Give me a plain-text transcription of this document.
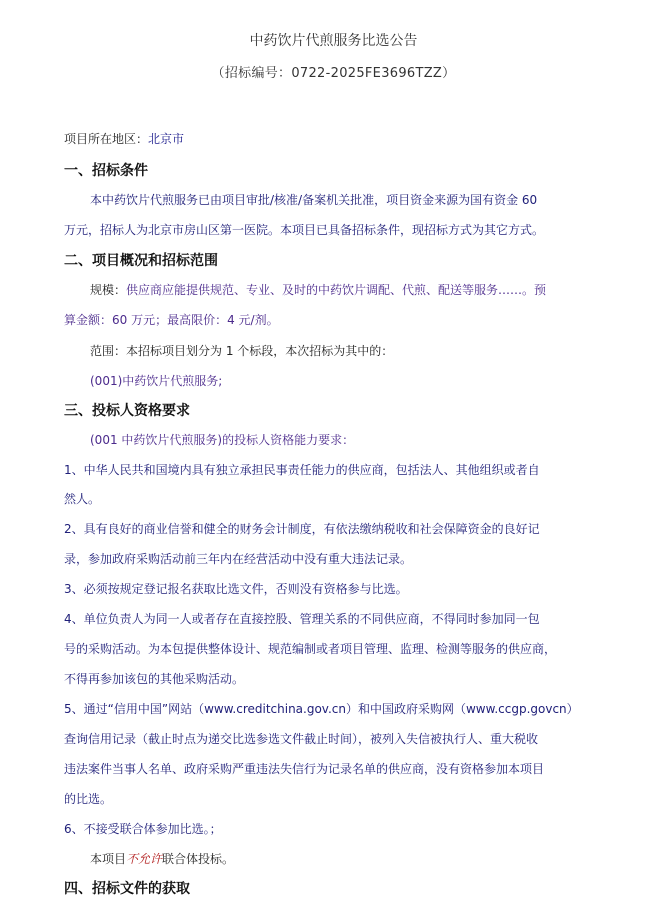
中药饮片代煎服务比选公告
（招标编号：0722-2025FE3696TZZ）
项目所在地区：北京市
一、招标条件
本中药饮片代煎服务已由项目审批/核准/备案机关批准，项目资金来源为国有资金 60
万元，招标人为北京市房山区第一医院。本项目已具备招标条件，现招标方式为其它方式。
二、项目概况和招标范围
规模：供应商应能提供规范、专业、及时的中药饮片调配、代煎、配送等服务……。预
算金额：60 万元；最高限价：4 元/剂。
范围：本招标项目划分为 1 个标段，本次招标为其中的：
(001)中药饮片代煎服务;
三、投标人资格要求
(001 中药饮片代煎服务)的投标人资格能力要求：
1、中华人民共和国境内具有独立承担民事责任能力的供应商，包括法人、其他组织或者自
然人。
2、具有良好的商业信誉和健全的财务会计制度，有依法缴纳税收和社会保障资金的良好记
录，参加政府采购活动前三年内在经营活动中没有重大违法记录。
3、必须按规定登记报名获取比选文件，否则没有资格参与比选。
4、单位负责人为同一人或者存在直接控股、管理关系的不同供应商，不得同时参加同一包
号的采购活动。为本包提供整体设计、规范编制或者项目管理、监理、检测等服务的供应商，
不得再参加该包的其他采购活动。
5、通过“信用中国”网站（www.creditchina.gov.cn）和中国政府采购网（www.ccgp.govcn）
查询信用记录（截止时点为递交比选参选文件截止时间），被列入失信被执行人、重大税收
违法案件当事人名单、政府采购严重违法失信行为记录名单的供应商，没有资格参加本项目
的比选。
6、不接受联合体参加比选。；
本项目不允许联合体投标。
四、招标文件的获取
